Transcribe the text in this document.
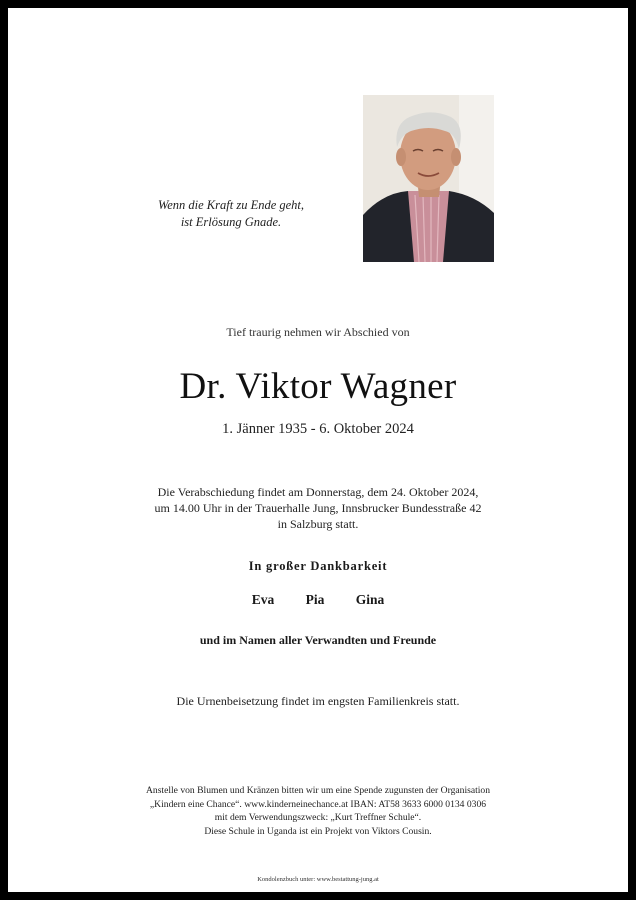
Wenn die Kraft zu Ende geht,
ist Erlösung Gnade.
Tief traurig nehmen wir Abschied von
Dr. Viktor Wagner
1. Jänner 1935 - 6. Oktober 2024
Die Verabschiedung findet am Donnerstag, dem 24. Oktober 2024,
um 14.00 Uhr in der Trauerhalle Jung, Innsbrucker Bundesstraße 42
in Salzburg statt.
In großer Dankbarkeit
Eva Pia Gina
und im Namen aller Verwandten und Freunde
Die Urnenbeisetzung findet im engsten Familienkreis statt.
Anstelle von Blumen und Kränzen bitten wir um eine Spende zugunsten der Organisation
„Kindern eine Chance“. www.kinderneinechance.at IBAN: AT58 3633 6000 0134 0306
mit dem Verwendungszweck: „Kurt Treffner Schule“.
Diese Schule in Uganda ist ein Projekt von Viktors Cousin.
Kondolenzbuch unter: www.bestattung-jung.at
